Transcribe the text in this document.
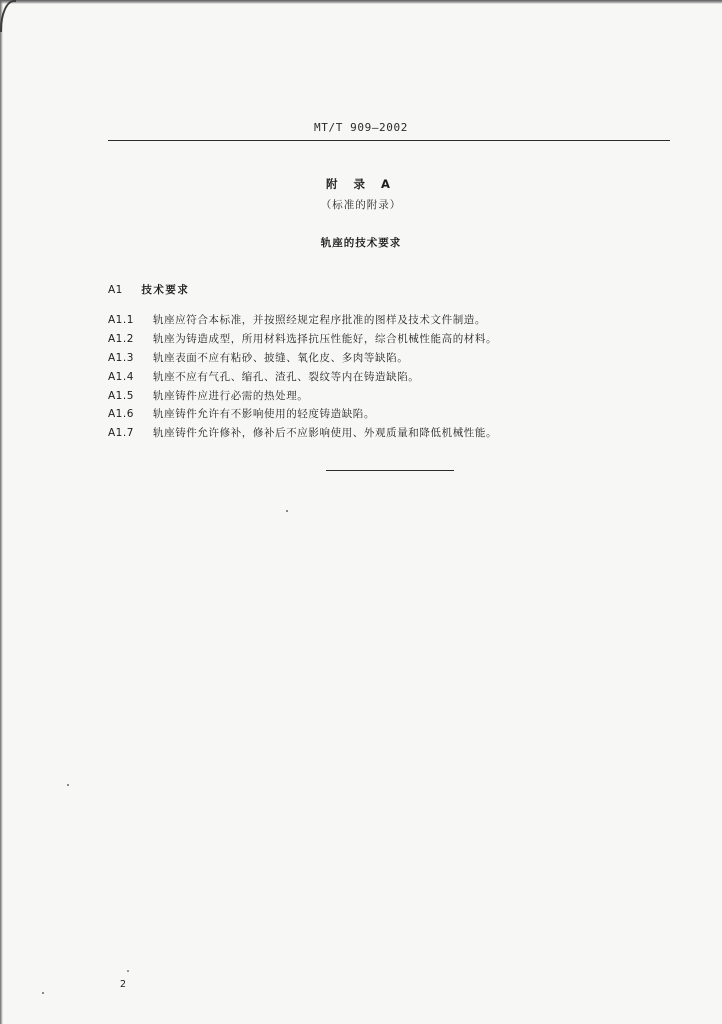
MT/T 909—2002
附 录 A
（标准的附录）
轨座的技术要求
A1 技术要求
A1.1	轨座应符合本标准，并按照经规定程序批准的图样及技术文件制造。
A1.2	轨座为铸造成型，所用材料选择抗压性能好，综合机械性能高的材料。
A1.3	轨座表面不应有粘砂、披缝、氧化皮、多肉等缺陷。
A1.4	轨座不应有气孔、缩孔、渣孔、裂纹等内在铸造缺陷。
A1.5	轨座铸件应进行必需的热处理。
A1.6	轨座铸件允许有不影响使用的轻度铸造缺陷。
A1.7	轨座铸件允许修补，修补后不应影响使用、外观质量和降低机械性能。
2
